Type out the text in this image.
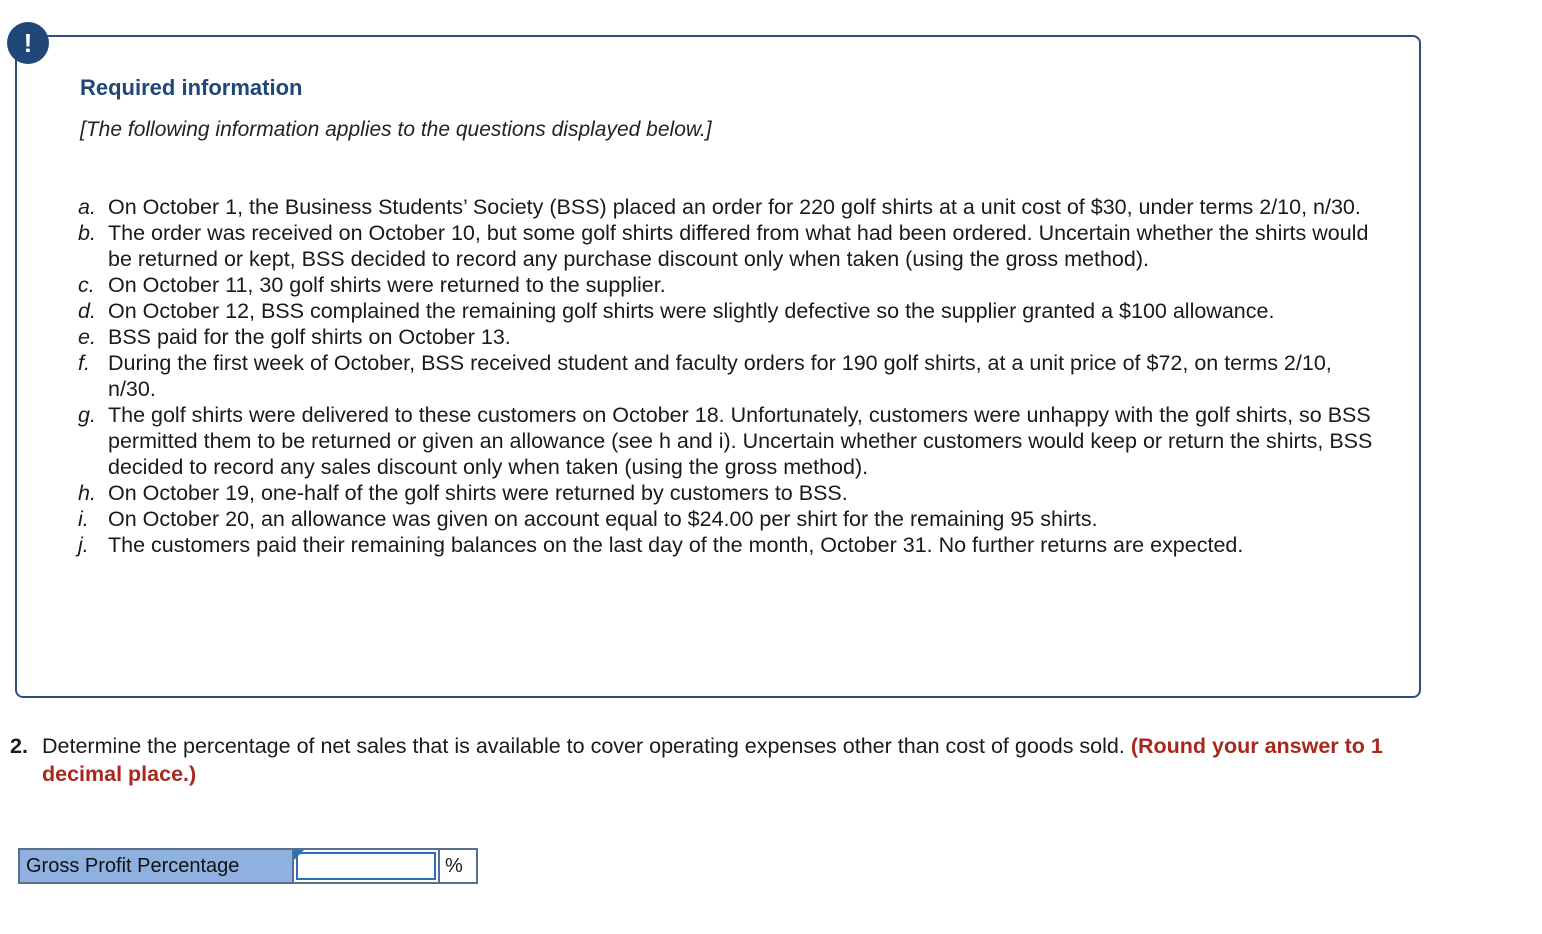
!
Required information

[The following information applies to the questions displayed below.]

a. On October 1, the Business Students’ Society (BSS) placed an order for 220 golf shirts at a unit cost of $30, under terms 2/10, n/30.
b. The order was received on October 10, but some golf shirts differed from what had been ordered. Uncertain whether the shirts would be returned or kept, BSS decided to record any purchase discount only when taken (using the gross method).
c. On October 11, 30 golf shirts were returned to the supplier.
d. On October 12, BSS complained the remaining golf shirts were slightly defective so the supplier granted a $100 allowance.
e. BSS paid for the golf shirts on October 13.
f. During the first week of October, BSS received student and faculty orders for 190 golf shirts, at a unit price of $72, on terms 2/10, n/30.
g. The golf shirts were delivered to these customers on October 18. Unfortunately, customers were unhappy with the golf shirts, so BSS permitted them to be returned or given an allowance (see h and i). Uncertain whether customers would keep or return the shirts, BSS decided to record any sales discount only when taken (using the gross method).
h. On October 19, one-half of the golf shirts were returned by customers to BSS.
i. On October 20, an allowance was given on account equal to $24.00 per shirt for the remaining 95 shirts.
j. The customers paid their remaining balances on the last day of the month, October 31. No further returns are expected.
2. Determine the percentage of net sales that is available to cover operating expenses other than cost of goods sold. (Round your answer to 1 decimal place.)
Gross Profit Percentage	%
